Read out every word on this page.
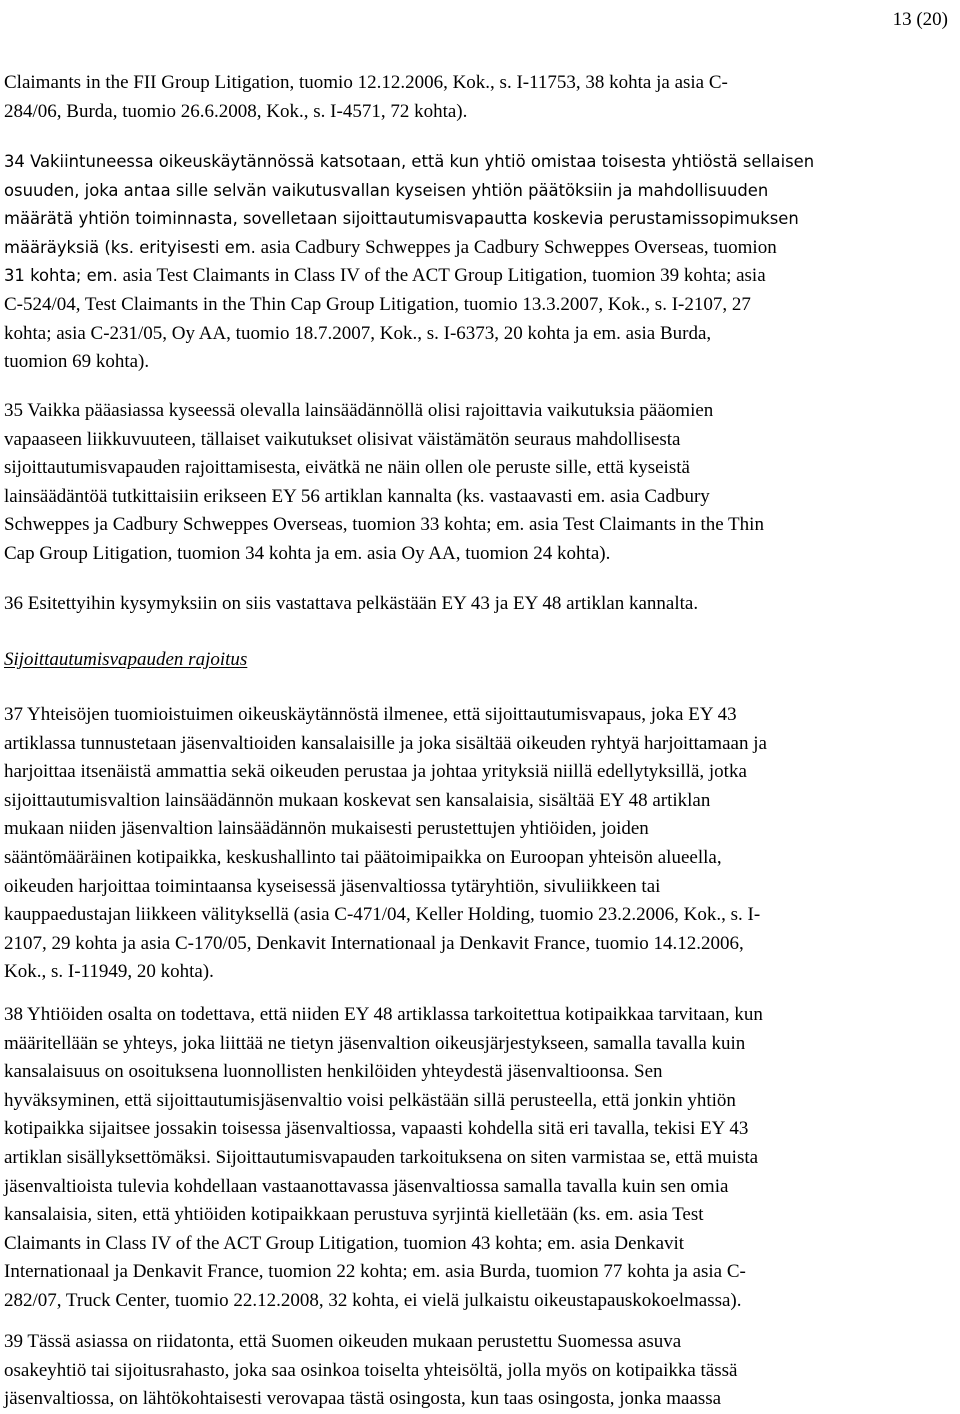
13 (20)
Claimants in the FII Group Litigation, tuomio 12.12.2006, Kok., s. I-11753, 38 kohta ja asia C-
284/06, Burda, tuomio 26.6.2008, Kok., s. I-4571, 72 kohta).
34 Vakiintuneessa oikeuskäytännössä katsotaan, että kun yhtiö omistaa toisesta yhtiöstä sellaisen
osuuden, joka antaa sille selvän vaikutusvallan kyseisen yhtiön päätöksiin ja mahdollisuuden
määrätä yhtiön toiminnasta, sovelletaan sijoittautumisvapautta koskevia perustamissopimuksen
määräyksiä (ks. erityisesti em. asia Cadbury Schweppes ja Cadbury Schweppes Overseas, tuomion
31 kohta; em. asia Test Claimants in Class IV of the ACT Group Litigation, tuomion 39 kohta; asia
C-524/04, Test Claimants in the Thin Cap Group Litigation, tuomio 13.3.2007, Kok., s. I-2107, 27
kohta; asia C-231/05, Oy AA, tuomio 18.7.2007, Kok., s. I-6373, 20 kohta ja em. asia Burda,
tuomion 69 kohta).
35 Vaikka pääasiassa kyseessä olevalla lainsäädännöllä olisi rajoittavia vaikutuksia pääomien
vapaaseen liikkuvuuteen, tällaiset vaikutukset olisivat väistämätön seuraus mahdollisesta
sijoittautumisvapauden rajoittamisesta, eivätkä ne näin ollen ole peruste sille, että kyseistä
lainsäädäntöä tutkittaisiin erikseen EY 56 artiklan kannalta (ks. vastaavasti em. asia Cadbury
Schweppes ja Cadbury Schweppes Overseas, tuomion 33 kohta; em. asia Test Claimants in the Thin
Cap Group Litigation, tuomion 34 kohta ja em. asia Oy AA, tuomion 24 kohta).
36 Esitettyihin kysymyksiin on siis vastattava pelkästään EY 43 ja EY 48 artiklan kannalta.
Sijoittautumisvapauden rajoitus
37 Yhteisöjen tuomioistuimen oikeuskäytännöstä ilmenee, että sijoittautumisvapaus, joka EY 43
artiklassa tunnustetaan jäsenvaltioiden kansalaisille ja joka sisältää oikeuden ryhtyä harjoittamaan ja
harjoittaa itsenäistä ammattia sekä oikeuden perustaa ja johtaa yrityksiä niillä edellytyksillä, jotka
sijoittautumisvaltion lainsäädännön mukaan koskevat sen kansalaisia, sisältää EY 48 artiklan
mukaan niiden jäsenvaltion lainsäädännön mukaisesti perustettujen yhtiöiden, joiden
sääntömääräinen kotipaikka, keskushallinto tai päätoimipaikka on Euroopan yhteisön alueella,
oikeuden harjoittaa toimintaansa kyseisessä jäsenvaltiossa tytäryhtiön, sivuliikkeen tai
kauppaedustajan liikkeen välityksellä (asia C-471/04, Keller Holding, tuomio 23.2.2006, Kok., s. I-
2107, 29 kohta ja asia C-170/05, Denkavit Internationaal ja Denkavit France, tuomio 14.12.2006,
Kok., s. I-11949, 20 kohta).
38 Yhtiöiden osalta on todettava, että niiden EY 48 artiklassa tarkoitettua kotipaikkaa tarvitaan, kun
määritellään se yhteys, joka liittää ne tietyn jäsenvaltion oikeusjärjestykseen, samalla tavalla kuin
kansalaisuus on osoituksena luonnollisten henkilöiden yhteydestä jäsenvaltioonsa. Sen
hyväksyminen, että sijoittautumisjäsenvaltio voisi pelkästään sillä perusteella, että jonkin yhtiön
kotipaikka sijaitsee jossakin toisessa jäsenvaltiossa, vapaasti kohdella sitä eri tavalla, tekisi EY 43
artiklan sisällyksettömäksi. Sijoittautumisvapauden tarkoituksena on siten varmistaa se, että muista
jäsenvaltioista tulevia kohdellaan vastaanottavassa jäsenvaltiossa samalla tavalla kuin sen omia
kansalaisia, siten, että yhtiöiden kotipaikkaan perustuva syrjintä kielletään (ks. em. asia Test
Claimants in Class IV of the ACT Group Litigation, tuomion 43 kohta; em. asia Denkavit
Internationaal ja Denkavit France, tuomion 22 kohta; em. asia Burda, tuomion 77 kohta ja asia C-
282/07, Truck Center, tuomio 22.12.2008, 32 kohta, ei vielä julkaistu oikeustapauskokoelmassa).
39 Tässä asiassa on riidatonta, että Suomen oikeuden mukaan perustettu Suomessa asuva
osakeyhtiö tai sijoitusrahasto, joka saa osinkoa toiselta yhteisöltä, jolla myös on kotipaikka tässä
jäsenvaltiossa, on lähtökohtaisesti verovapaa tästä osingosta, kun taas osingosta, jonka maassa
